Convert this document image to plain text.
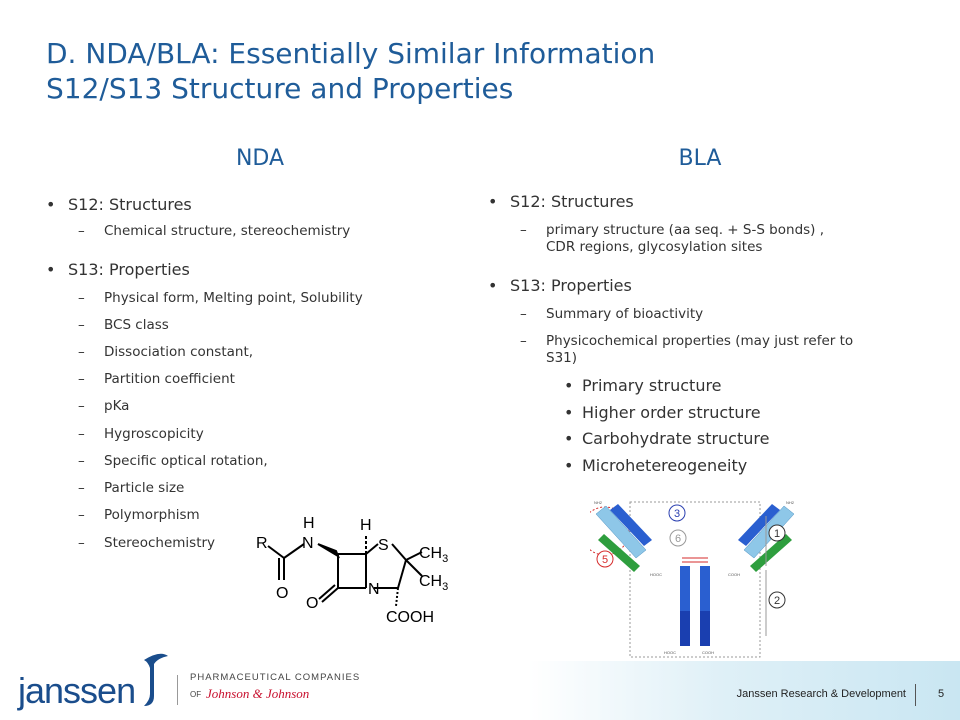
D. NDA/BLA: Essentially Similar Information
S12/S13 Structure and Properties
NDA
• S12: Structures
– Chemical structure, stereochemistry
• S13: Properties
– Physical form, Melting point, Solubility
– BCS class
– Dissociation constant,
– Partition coefficient
– pKa
– Hygroscopicity
– Specific optical rotation,
– Particle size
– Polymorphism
– Stereochemistry	R N
H	H
S $CH_3$
$CH_3$
N
O
O
COOH
BLA
• S12: Structures
– primary structure (aa seq. + S-S bonds) ,
CDR regions, glycosylation sites
• S13: Properties
– Summary of bioactivity
– Physicochemical properties (may just refer to
S31)
• Primary structure
• Higher order structure
• Carbohydrate structure
• Microhetereogeneity
NH2	NH2
HOOC	COOH
HOOC	COOH
1
2
3
5
6
janssen	PHARMACEUTICAL COMPANIES
OF Johnson & Johnson	Janssen Research & Development	5
